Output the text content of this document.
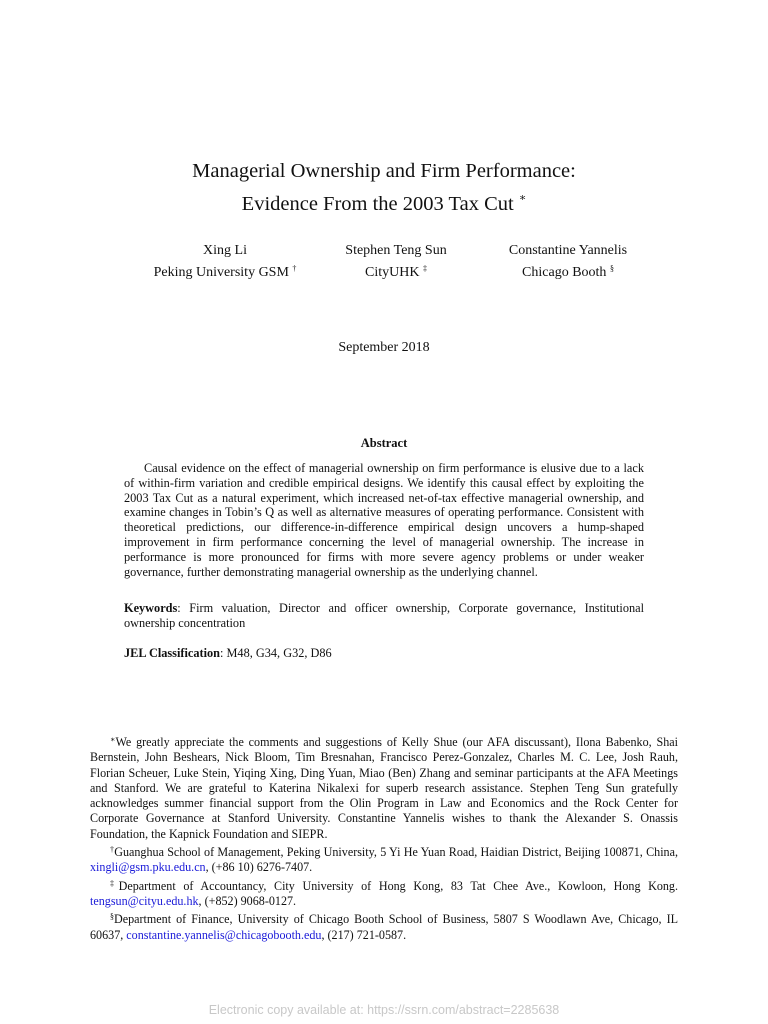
Managerial Ownership and Firm Performance:
Evidence From the 2003 Tax Cut ∗
Xing Li
Peking University GSM †
Stephen Teng Sun
CityUHK ‡
Constantine Yannelis
Chicago Booth §
September 2018
Abstract

Causal evidence on the effect of managerial ownership on firm performance is elusive due to a lack of within-firm variation and credible empirical designs. We identify this causal effect by exploiting the 2003 Tax Cut as a natural experiment, which increased net-of-tax effective managerial ownership, and examine changes in Tobin’s Q as well as alternative measures of operating performance. Consistent with theoretical predictions, our difference-in-difference empirical design uncovers a hump-shaped improvement in firm performance concerning the level of managerial ownership. The increase in performance is more pronounced for firms with more severe agency problems or under weaker governance, further demonstrating managerial ownership as the underlying channel.

Keywords: Firm valuation, Director and officer ownership, Corporate governance, Institutional ownership concentration

JEL Classification: M48, G34, G32, D86

∗We greatly appreciate the comments and suggestions of Kelly Shue (our AFA discussant), Ilona Babenko, Shai Bernstein, John Beshears, Nick Bloom, Tim Bresnahan, Francisco Perez-Gonzalez, Charles M. C. Lee, Josh Rauh, Florian Scheuer, Luke Stein, Yiqing Xing, Ding Yuan, Miao (Ben) Zhang and seminar participants at the AFA Meetings and Stanford. We are grateful to Katerina Nikalexi for superb research assistance. Stephen Teng Sun gratefully acknowledges summer financial support from the Olin Program in Law and Economics and the Rock Center for Corporate Governance at Stanford University. Constantine Yannelis wishes to thank the Alexander S. Onassis Foundation, the Kapnick Foundation and SIEPR.

†Guanghua School of Management, Peking University, 5 Yi He Yuan Road, Haidian District, Beijing 100871, China, xingli@gsm.pku.edu.cn, (+86 10) 6276-7407.

‡Department of Accountancy, City University of Hong Kong, 83 Tat Chee Ave., Kowloon, Hong Kong. tengsun@cityu.edu.hk, (+852) 9068-0127.

§Department of Finance, University of Chicago Booth School of Business, 5807 S Woodlawn Ave, Chicago, IL 60637, constantine.yannelis@chicagobooth.edu, (217) 721-0587.

Electronic copy available at: https://ssrn.com/abstract=2285638
